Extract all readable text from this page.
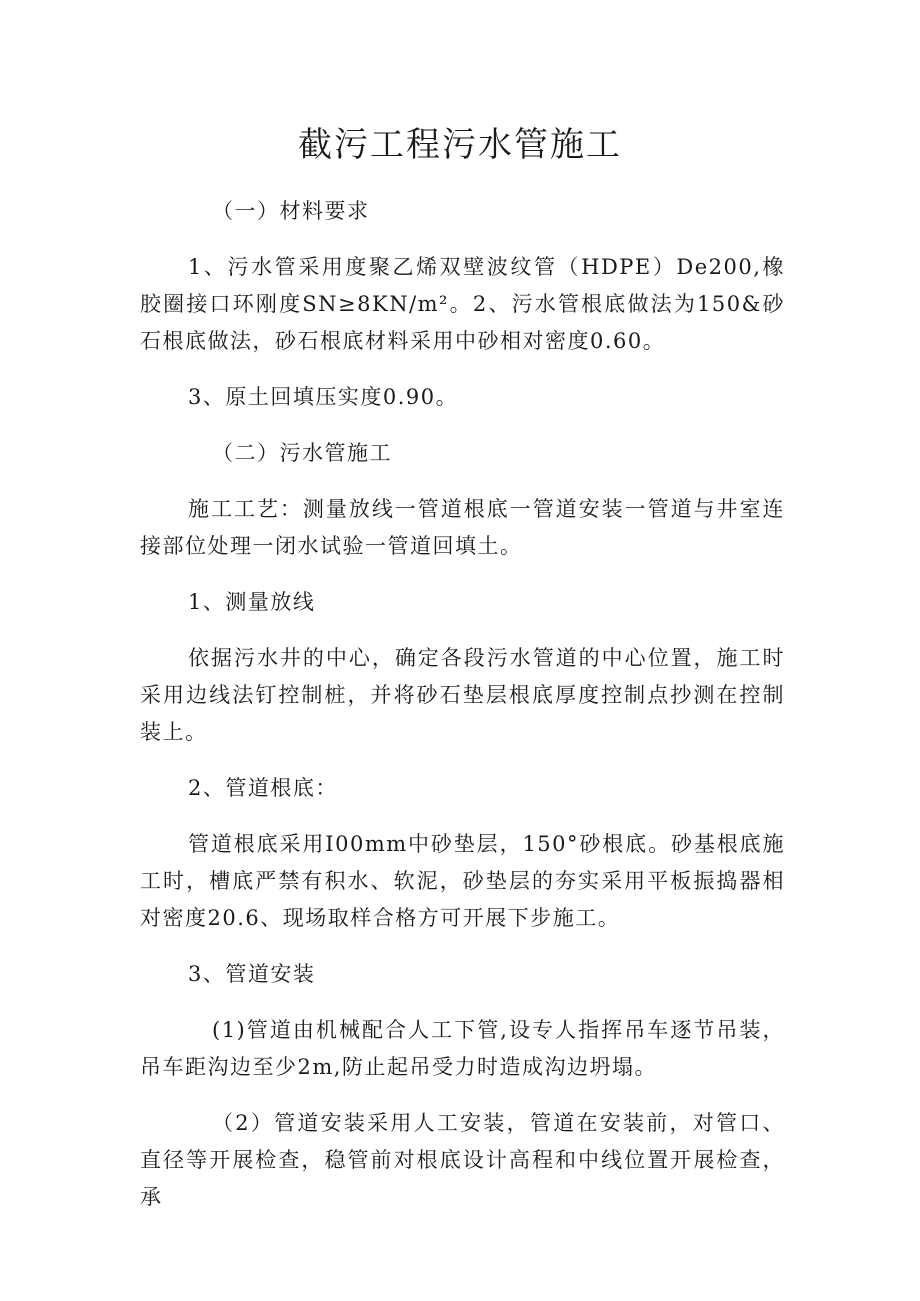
截污工程污水管施工

（一）材料要求

1、污水管采用度聚乙烯双壁波纹管（HDPE）De200,橡胶圈接口环刚度SN≥8KN/m²。2、污水管根底做法为150&砂石根底做法，砂石根底材料采用中砂相对密度0.60。

3、原土回填压实度0.90。

（二）污水管施工

施工工艺：测量放线一管道根底一管道安装一管道与井室连接部位处理一闭水试验一管道回填土。

1、测量放线

依据污水井的中心，确定各段污水管道的中心位置，施工时采用边线法钉控制桩，并将砂石垫层根底厚度控制点抄测在控制装上。

2、管道根底：

管道根底采用I00mm中砂垫层，150°砂根底。砂基根底施工时，槽底严禁有积水、软泥，砂垫层的夯实采用平板振捣器相对密度20.6、现场取样合格方可开展下步施工。

3、管道安装

(1)管道由机械配合人工下管,设专人指挥吊车逐节吊装，吊车距沟边至少2m,防止起吊受力时造成沟边坍塌。

（2）管道安装采用人工安装，管道在安装前，对管口、直径等开展检查，稳管前对根底设计高程和中线位置开展检查，承
